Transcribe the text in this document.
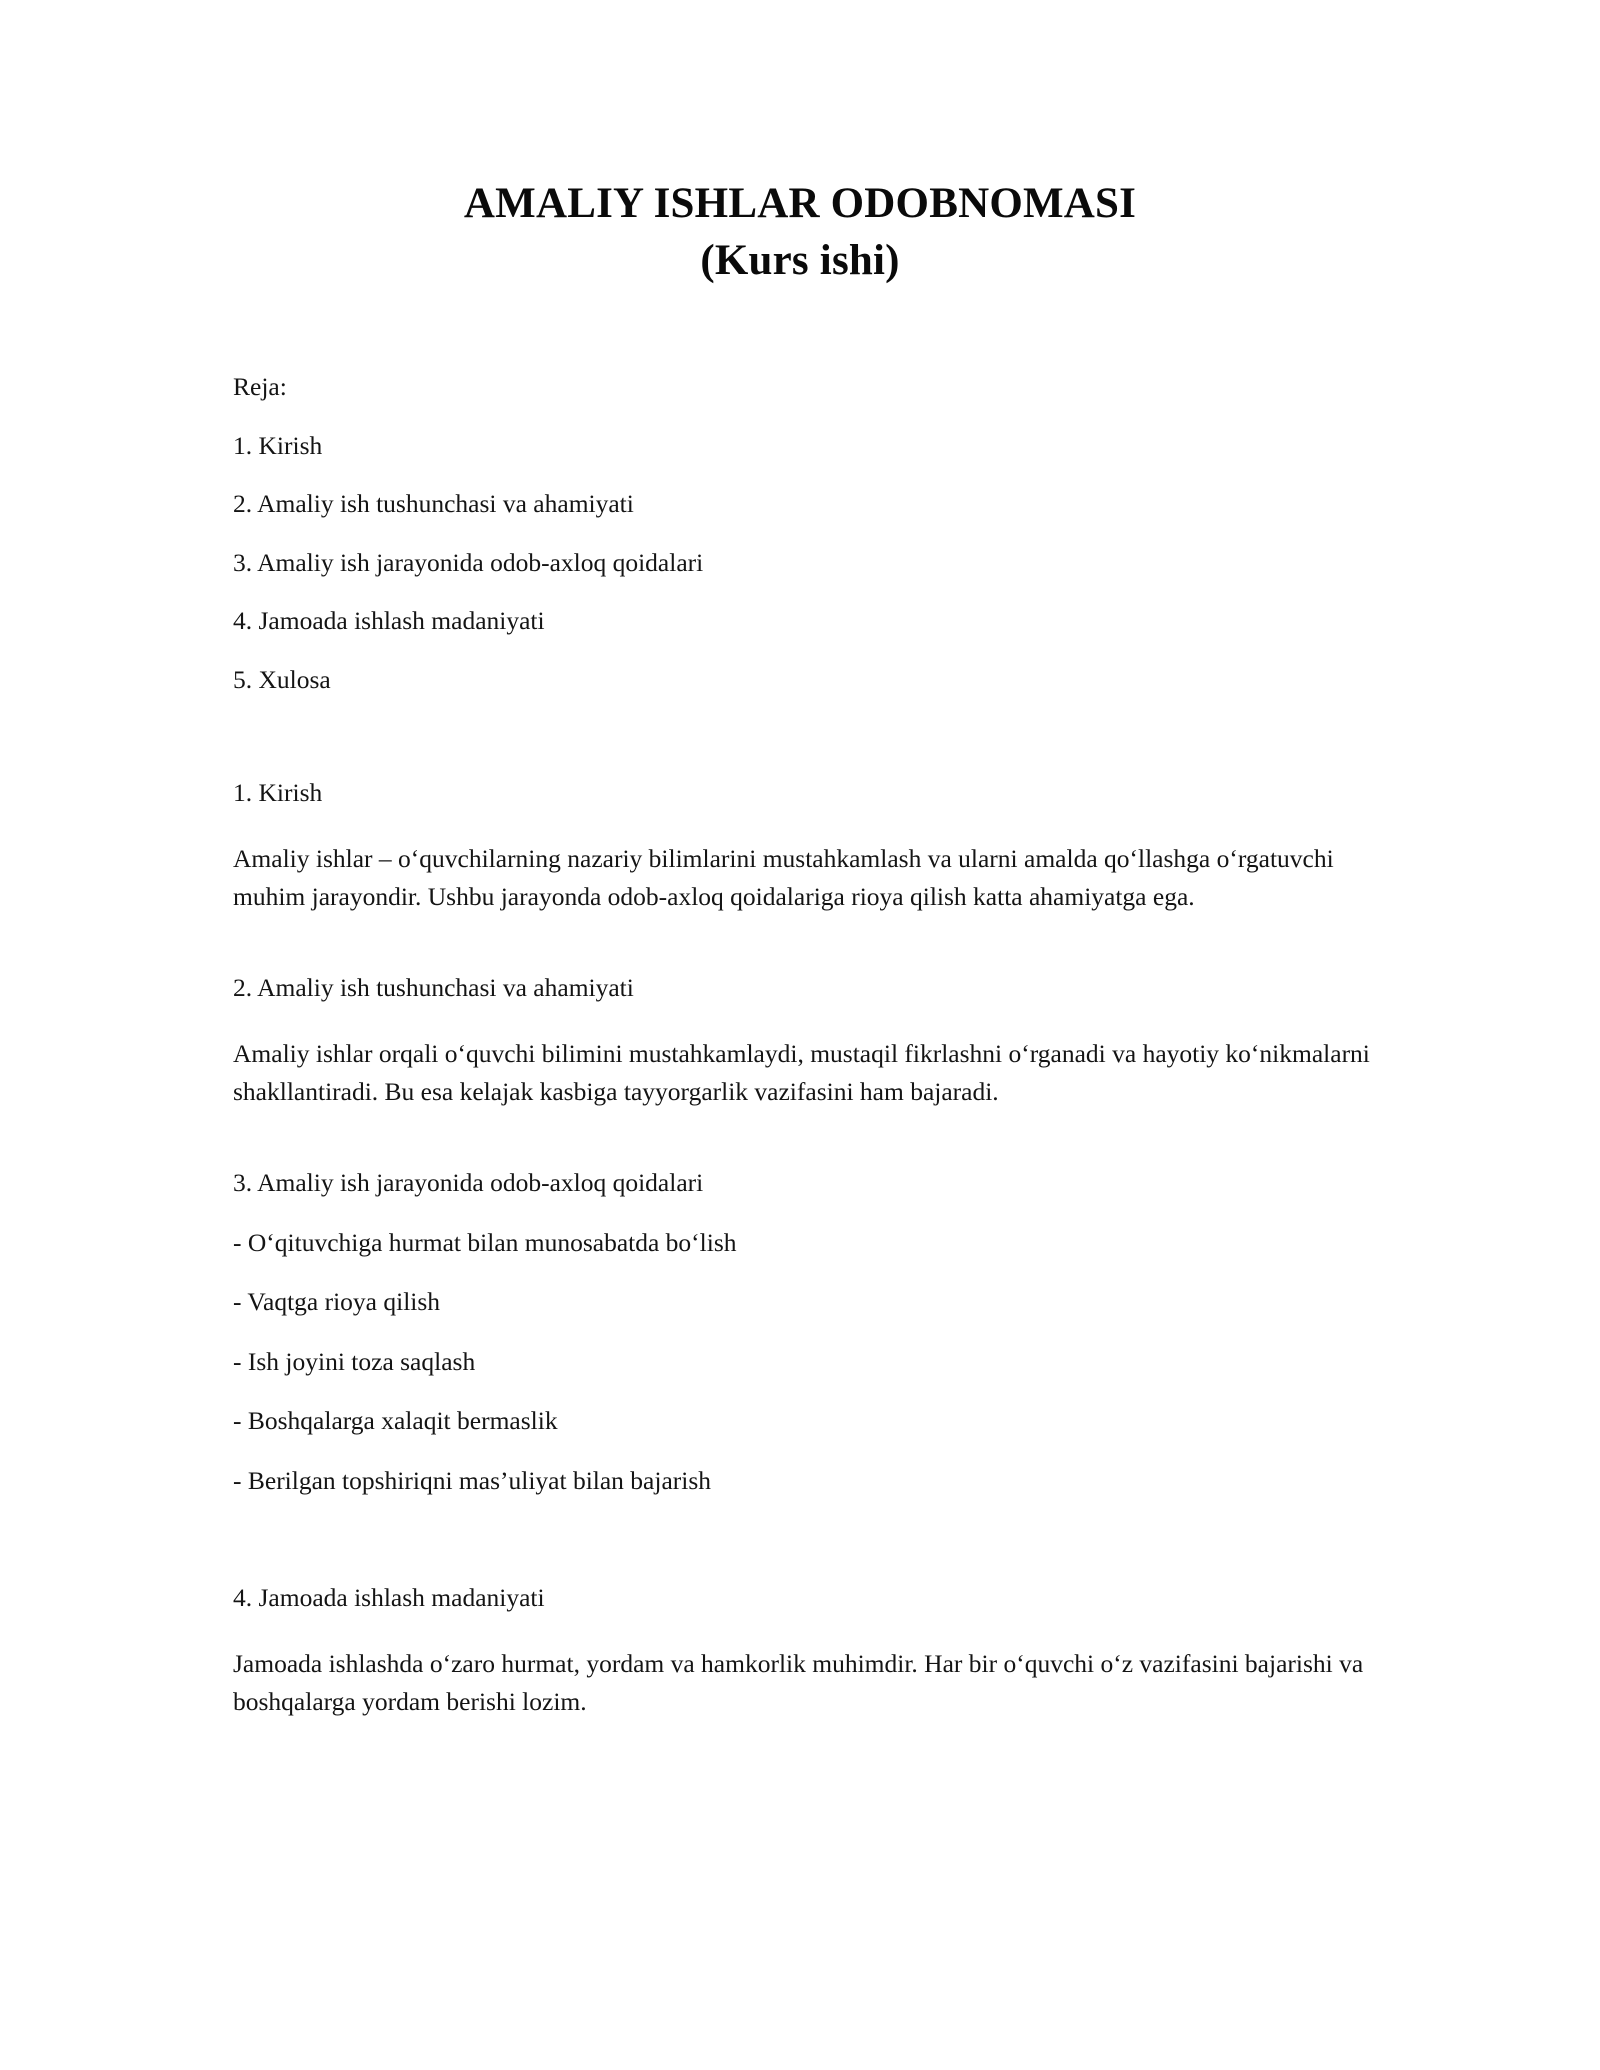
AMALIY ISHLAR ODOBNOMASI
(Kurs ishi)
Reja:
1. Kirish
2. Amaliy ish tushunchasi va ahamiyati
3. Amaliy ish jarayonida odob-axloq qoidalari
4. Jamoada ishlash madaniyati
5. Xulosa
1. Kirish

Amaliy ishlar – oʻquvchilarning nazariy bilimlarini mustahkamlash va ularni amalda qoʻllashga oʻrgatuvchi muhim jarayondir. Ushbu jarayonda odob-axloq qoidalariga rioya qilish katta ahamiyatga ega.

2. Amaliy ish tushunchasi va ahamiyati

Amaliy ishlar orqali oʻquvchi bilimini mustahkamlaydi, mustaqil fikrlashni oʻrganadi va hayotiy koʻnikmalarni shakllantiradi. Bu esa kelajak kasbiga tayyorgarlik vazifasini ham bajaradi.

3. Amaliy ish jarayonida odob-axloq qoidalari
- Oʻqituvchiga hurmat bilan munosabatda boʻlish
- Vaqtga rioya qilish
- Ish joyini toza saqlash
- Boshqalarga xalaqit bermaslik
- Berilgan topshiriqni mas’uliyat bilan bajarish
4. Jamoada ishlash madaniyati

Jamoada ishlashda oʻzaro hurmat, yordam va hamkorlik muhimdir. Har bir oʻquvchi oʻz vazifasini bajarishi va boshqalarga yordam berishi lozim.
